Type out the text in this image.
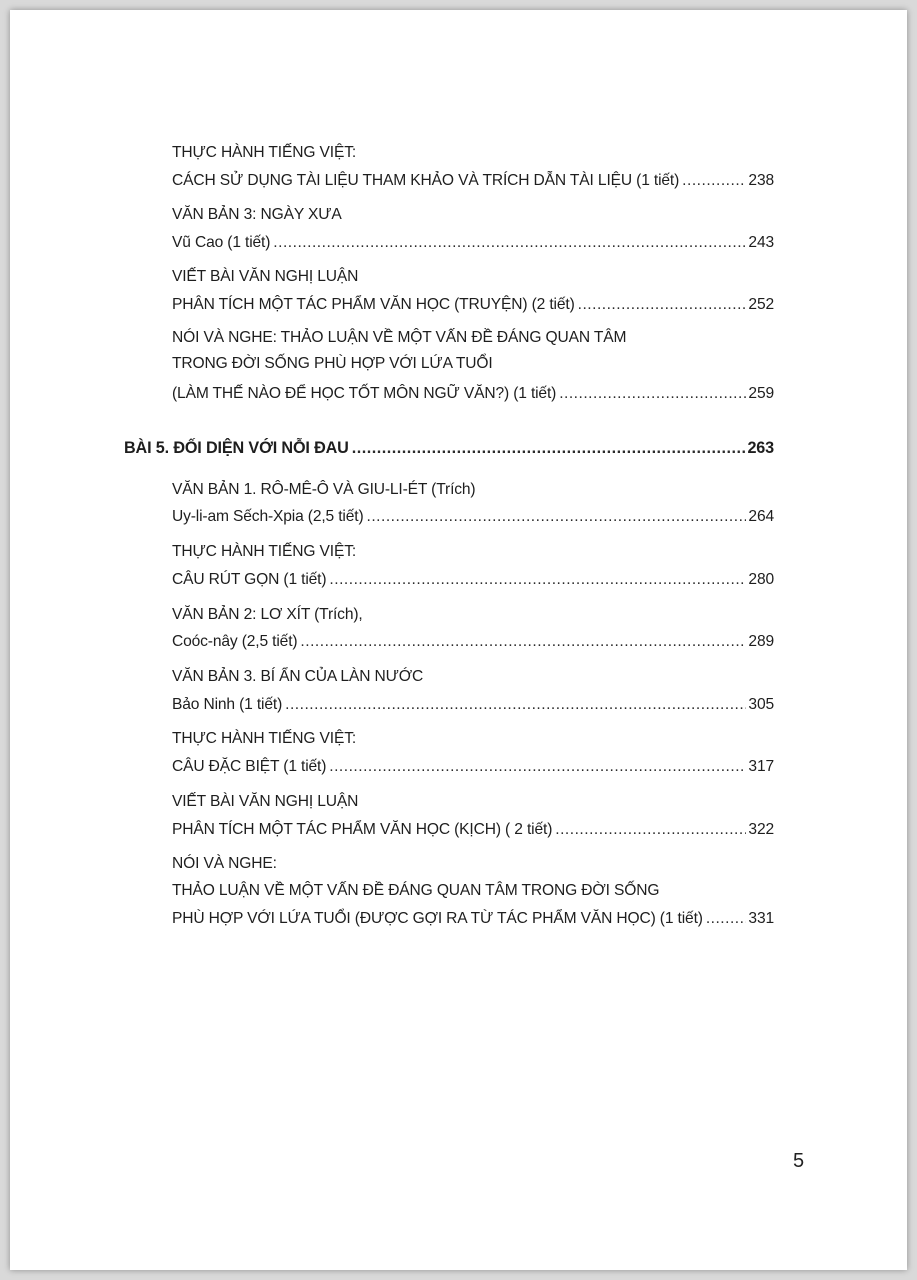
THỰC HÀNH TIẾNG VIỆT:
CÁCH SỬ DỤNG TÀI LIỆU THAM KHẢO VÀ TRÍCH DẪN TÀI LIỆU (1 tiết) .....	238
VĂN BẢN 3: NGÀY XƯA
Vũ Cao (1 tiết) .....	243
VIẾT BÀI VĂN NGHỊ LUẬN
PHÂN TÍCH MỘT TÁC PHẨM VĂN HỌC (TRUYỆN) (2 tiết) .....	252
NÓI VÀ NGHE: THẢO LUẬN VỀ MỘT VẤN ĐỀ ĐÁNG QUAN TÂM
TRONG ĐỜI SỐNG PHÙ HỢP VỚI LỨA TUỔI
(LÀM THẾ NÀO ĐỂ HỌC TỐT MÔN NGỮ VĂN?) (1 tiết) .....	259
BÀI 5. ĐỐI DIỆN VỚI NỖI ĐAU .....	263
VĂN BẢN 1. RÔ-MÊ-Ô VÀ GIU-LI-ÉT (Trích)
Uy-li-am Sếch-Xpia (2,5 tiết) .....	264
THỰC HÀNH TIẾNG VIỆT:
CÂU RÚT GỌN (1 tiết) .....	280
VĂN BẢN 2: LƠ XÍT (Trích),
Coóc-nây (2,5 tiết) .....	289
VĂN BẢN 3. BÍ ẨN CỦA LÀN NƯỚC
Bảo Ninh (1 tiết) .....	305
THỰC HÀNH TIẾNG VIỆT:
CÂU ĐẶC BIỆT (1 tiết) .....	317
VIẾT BÀI VĂN NGHỊ LUẬN
PHÂN TÍCH MỘT TÁC PHẨM VĂN HỌC (KỊCH) ( 2 tiết) .....	322
NÓI VÀ NGHE:
THẢO LUẬN VỀ MỘT VẤN ĐỀ ĐÁNG QUAN TÂM TRONG ĐỜI SỐNG
PHÙ HỢP VỚI LỨA TUỔI (ĐƯỢC GỢI RA TỪ TÁC PHẨM VĂN HỌC) (1 tiết) .....	331
5
